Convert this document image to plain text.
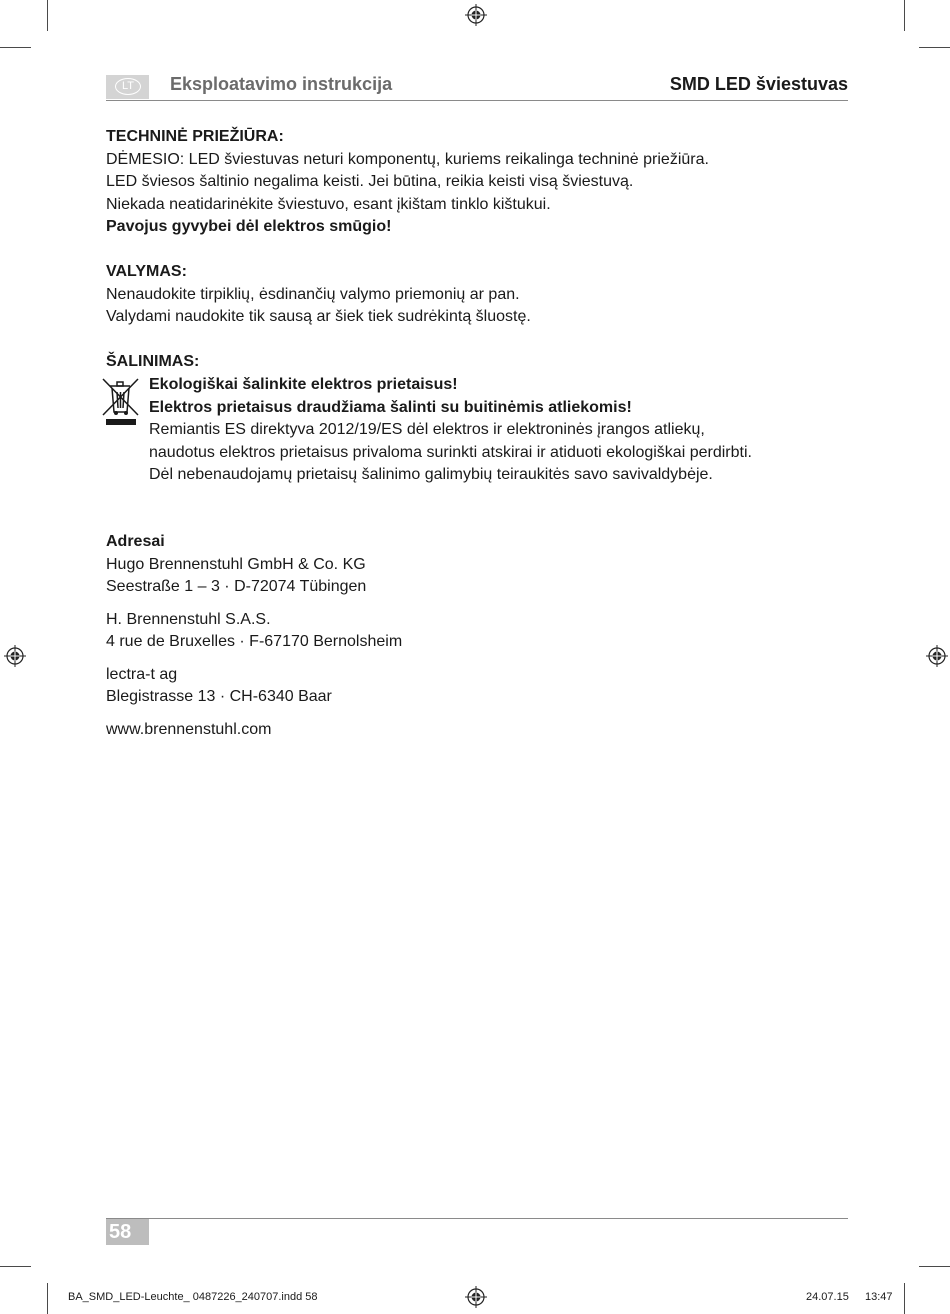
LT	Eksploatavimo instrukcija	SMD LED šviestuvas

TECHNINĖ PRIEŽIŪRA:

DĖMESIO: LED šviestuvas neturi komponentų, kuriems reikalinga techninė priežiūra.

LED šviesos šaltinio negalima keisti. Jei būtina, reikia keisti visą šviestuvą.

Niekada neatidarinėkite šviestuvo, esant įkištam tinklo kištukui.

Pavojus gyvybei dėl elektros smūgio!

VALYMAS:

Nenaudokite tirpiklių, ėsdinančių valymo priemonių ar pan.

Valydami naudokite tik sausą ar šiek tiek sudrėkintą šluostę.

ŠALINIMAS:

Ekologiškai šalinkite elektros prietaisus!

Elektros prietaisus draudžiama šalinti su buitinėmis atliekomis!

Remiantis ES direktyva 2012/19/ES dėl elektros ir elektroninės įrangos atliekų,

naudotus elektros prietaisus privaloma surinkti atskirai ir atiduoti ekologiškai perdirbti.

Dėl nebenaudojamų prietaisų šalinimo galimybių teiraukitės savo savivaldybėje.

Adresai

Hugo Brennenstuhl GmbH & Co. KG

Seestraße 1 – 3 · D-72074 Tübingen

H. Brennenstuhl S.A.S.

4 rue de Bruxelles · F-67170 Bernolsheim

lectra-t ag

Blegistrasse 13 · CH-6340 Baar

www.brennenstuhl.com

58
BA_SMD_LED-Leuchte_ 0487226_240707.indd 58	24.07.15 13:47
